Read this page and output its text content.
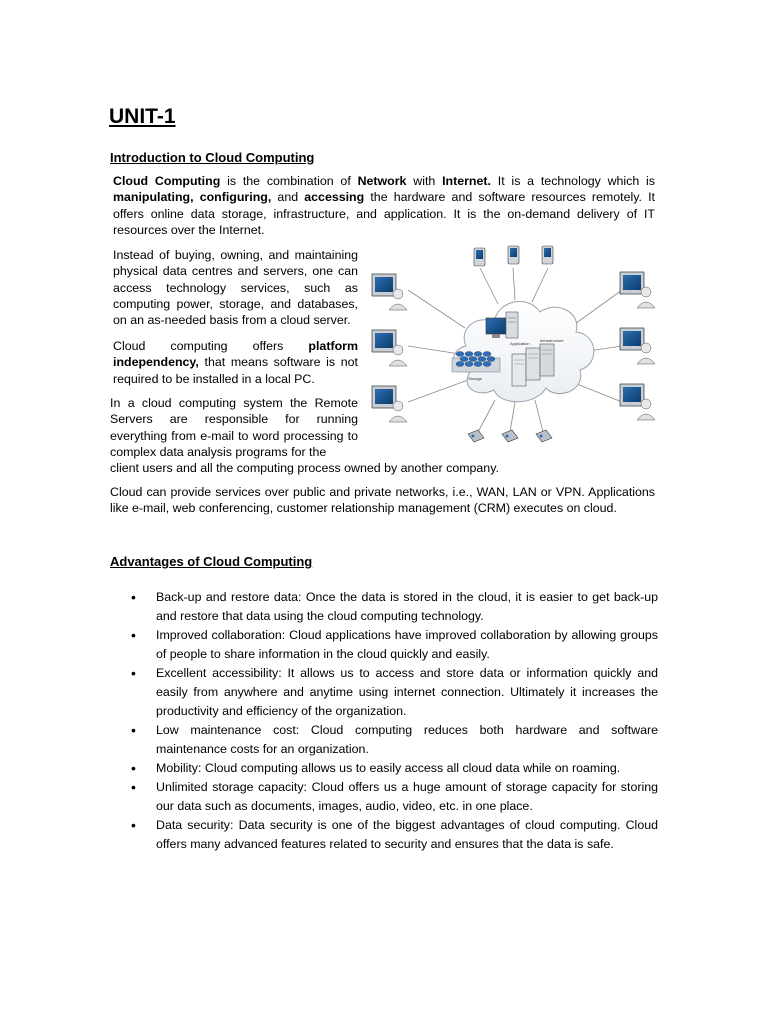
UNIT-1
Introduction to Cloud Computing

Cloud Computing is the combination of Network with Internet. It is a technology which is manipulating, configuring, and accessing the hardware and software resources remotely. It offers online data storage, infrastructure, and application. It is the on-demand delivery of IT resources over the Internet.

Instead of buying, owning, and maintaining physical data centres and servers, one can access technology services, such as computing power, storage, and databases, on an as-needed basis from a cloud server.

Cloud computing offers platform independency, that means software is not required to be installed in a local PC.

In a cloud computing system the Remote Servers are responsible for running everything from e-mail to word processing to complex data analysis programs for the

client users and all the computing process owned by another company.

Cloud can provide services over public and private networks, i.e., WAN, LAN or VPN. Applications like e-mail, web conferencing, customer relationship management (CRM) executes on cloud.

Application
Infrastructure
Storage
Advantages of Cloud Computing
• Back-up and restore data: Once the data is stored in the cloud, it is easier to get back-up and restore that data using the cloud computing technology.
• Improved collaboration: Cloud applications have improved collaboration by allowing groups of people to share information in the cloud quickly and easily.
• Excellent accessibility: It allows us to access and store data or information quickly and easily from anywhere and anytime using internet connection. Ultimately it increases the productivity and efficiency of the organization.
• Low maintenance cost: Cloud computing reduces both hardware and software maintenance costs for an organization.
• Mobility: Cloud computing allows us to easily access all cloud data while on roaming.
• Unlimited storage capacity: Cloud offers us a huge amount of storage capacity for storing our data such as documents, images, audio, video, etc. in one place.
• Data security: Data security is one of the biggest advantages of cloud computing. Cloud offers many advanced features related to security and ensures that the data is safe.
